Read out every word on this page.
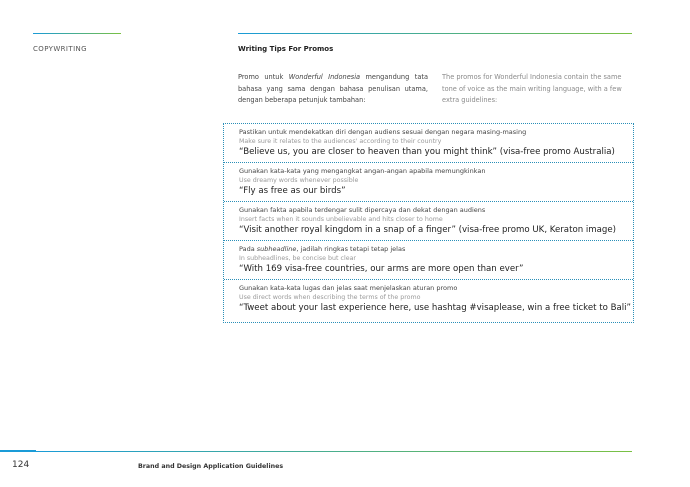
COPYWRITING	Writing Tips For Promos
Promo untuk Wonderful Indonesia mengandung tata bahasa yang sama dengan bahasa penulisan utama, dengan beberapa petunjuk tambahan:
The promos for Wonderful Indonesia contain the same tone of voice as the main writing language, with a few extra guidelines:
Pastikan untuk mendekatkan diri dengan audiens sesuai dengan negara masing-masing
Make sure it relates to the audiences' according to their country
“Believe us, you are closer to heaven than you might think” (visa-free promo Australia)
Gunakan kata-kata yang mengangkat angan-angan apabila memungkinkan
Use dreamy words whenever possible
“Fly as free as our birds”
Gunakan fakta apabila terdengar sulit dipercaya dan dekat dengan audiens
Insert facts when it sounds unbelievable and hits closer to home
“Visit another royal kingdom in a snap of a finger” (visa-free promo UK, Keraton image)
Pada subheadline, jadilah ringkas tetapi tetap jelas
In subheadlines, be concise but clear
“With 169 visa-free countries, our arms are more open than ever”
Gunakan kata-kata lugas dan jelas saat menjelaskan aturan promo
Use direct words when describing the terms of the promo
“Tweet about your last experience here, use hashtag #visaplease, win a free ticket to Bali”
124	Brand and Design Application Guidelines
